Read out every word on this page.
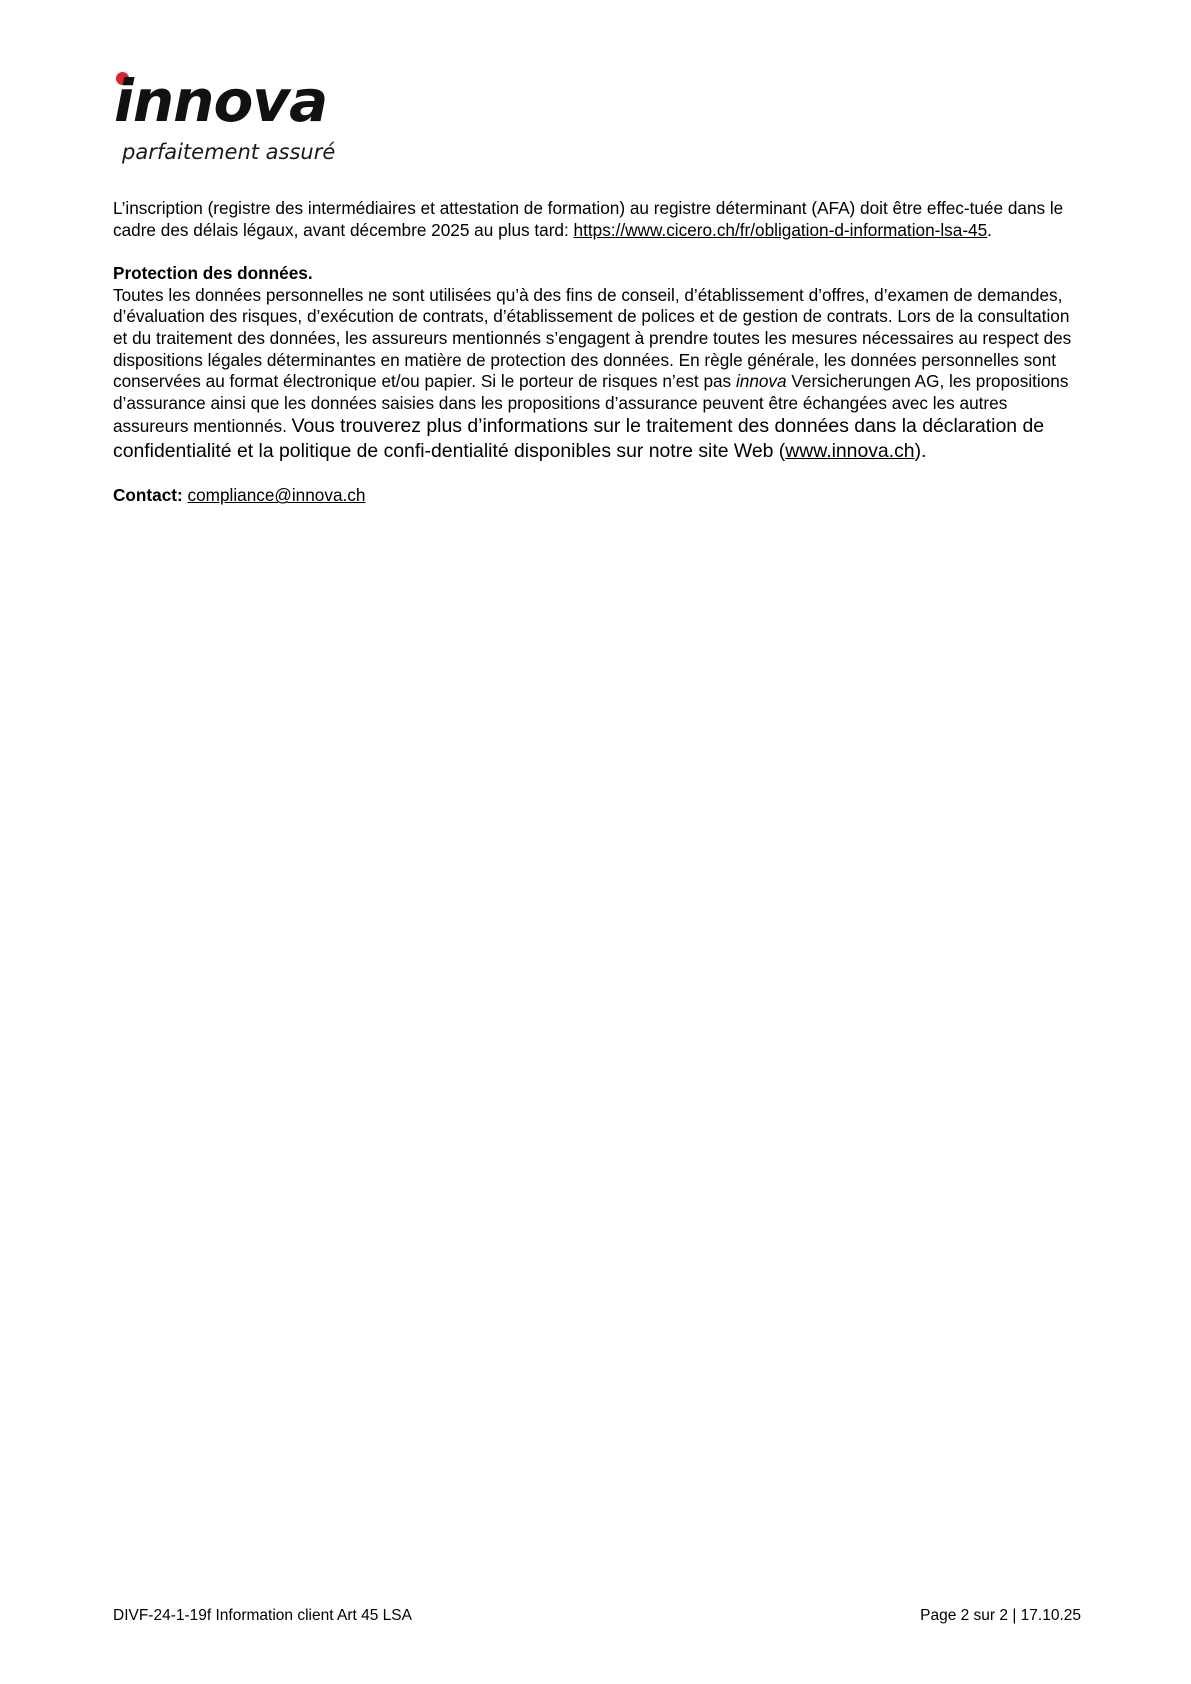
innova
parfaitement assuré

L’inscription (registre des intermédiaires et attestation de formation) au registre déterminant (AFA) doit être effec-tuée dans le cadre des délais légaux, avant décembre 2025 au plus tard: https://www.cicero.ch/fr/obligation-d-information-lsa-45.

Protection des données.

Toutes les données personnelles ne sont utilisées qu’à des fins de conseil, d’établissement d’offres, d’examen de demandes, d’évaluation des risques, d’exécution de contrats, d’établissement de polices et de gestion de contrats. Lors de la consultation et du traitement des données, les assureurs mentionnés s’engagent à prendre toutes les mesures nécessaires au respect des dispositions légales déterminantes en matière de protection des données. En règle générale, les données personnelles sont conservées au format électronique et/ou papier. Si le porteur de risques n’est pas innova Versicherungen AG, les propositions d’assurance ainsi que les données saisies dans les propositions d’assurance peuvent être échangées avec les autres assureurs mentionnés. Vous trouverez plus d’informations sur le traitement des données dans la déclaration de confidentialité et la politique de confi-dentialité disponibles sur notre site Web (www.innova.ch).

Contact: compliance@innova.ch

DIVF-24-1-19f Information client Art 45 LSA	Page 2 sur 2 | 17.10.25
